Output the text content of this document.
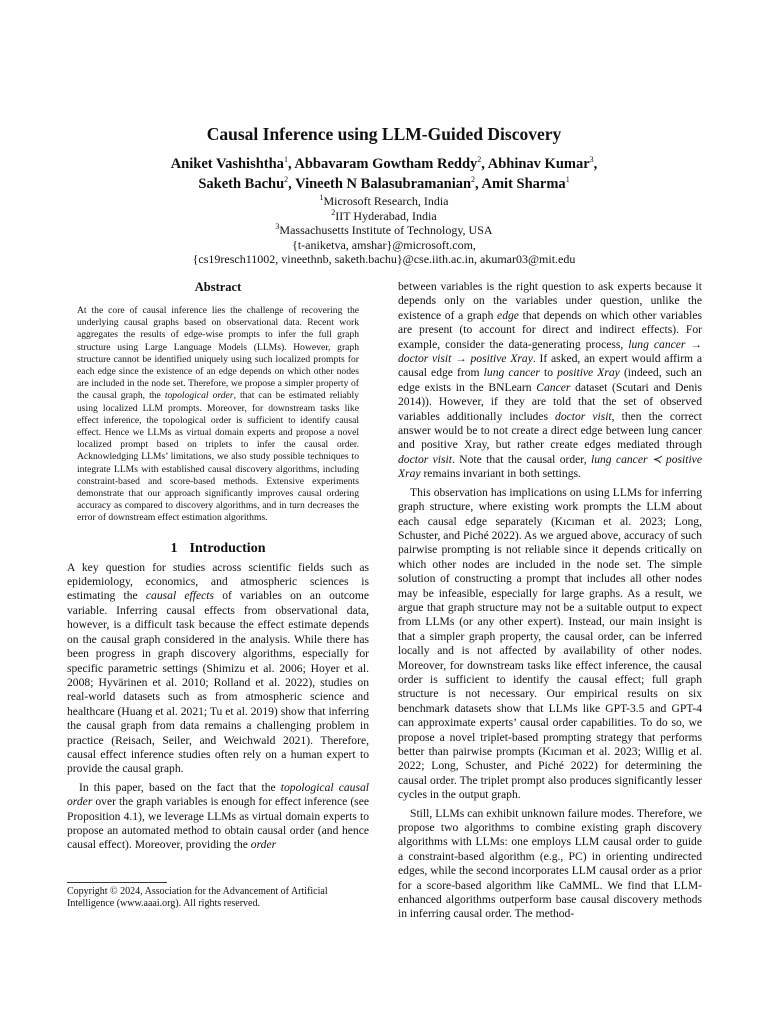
Causal Inference using LLM-Guided Discovery
Aniket Vashishtha$^1$, Abbavaram Gowtham Reddy$^2$, Abhinav Kumar$^3$,
Saketh Bachu$^2$, Vineeth N Balasubramanian$^2$, Amit Sharma$^1$
$^1$Microsoft Research, India
$^2$IIT Hyderabad, India
$^3$Massachusetts Institute of Technology, USA
{t-aniketva, amshar}@microsoft.com,
{cs19resch11002, vineethnb, saketh.bachu}@cse.iith.ac.in, akumar03@mit.edu
Abstract

At the core of causal inference lies the challenge of recovering the underlying causal graphs based on observational data. Recent work aggregates the results of edge-wise prompts to infer the full graph structure using Large Language Models (LLMs). However, graph structure cannot be identified uniquely using such localized prompts for each edge since the existence of an edge depends on which other nodes are included in the node set. Therefore, we propose a simpler property of the causal graph, the topological order, that can be estimated reliably using localized LLM prompts. Moreover, for downstream tasks like effect inference, the topological order is sufficient to identify causal effect. Hence we LLMs as virtual domain experts and propose a novel localized prompt based on triplets to infer the causal order. Acknowledging LLMs’ limitations, we also study possible techniques to integrate LLMs with established causal discovery algorithms, including constraint-based and score-based methods. Extensive experiments demonstrate that our approach significantly improves causal ordering accuracy as compared to discovery algorithms, and in turn decreases the error of downstream effect estimation algorithms.

1 Introduction

A key question for studies across scientific fields such as epidemiology, economics, and atmospheric sciences is estimating the causal effects of variables on an outcome variable. Inferring causal effects from observational data, however, is a difficult task because the effect estimate depends on the causal graph considered in the analysis. While there has been progress in graph discovery algorithms, especially for specific parametric settings (Shimizu et al. 2006; Hoyer et al. 2008; Hyvärinen et al. 2010; Rolland et al. 2022), studies on real-world datasets such as from atmospheric science and healthcare (Huang et al. 2021; Tu et al. 2019) show that inferring the causal graph from data remains a challenging problem in practice (Reisach, Seiler, and Weichwald 2021). Therefore, causal effect inference studies often rely on a human expert to provide the causal graph.

In this paper, based on the fact that the topological causal order over the graph variables is enough for effect inference (see Proposition 4.1), we leverage LLMs as virtual domain experts to propose an automated method to obtain causal order (and hence causal effect). Moreover, providing the order

Copyright © 2024, Association for the Advancement of Artificial Intelligence (www.aaai.org). All rights reserved.

between variables is the right question to ask experts because it depends only on the variables under question, unlike the existence of a graph edge that depends on which other variables are present (to account for direct and indirect effects). For example, consider the data-generating process, lung cancer → doctor visit → positive Xray. If asked, an expert would affirm a causal edge from lung cancer to positive Xray (indeed, such an edge exists in the BNLearn Cancer dataset (Scutari and Denis 2014)). However, if they are told that the set of observed variables additionally includes doctor visit, then the correct answer would be to not create a direct edge between lung cancer and positive Xray, but rather create edges mediated through doctor visit. Note that the causal order, lung cancer ≺ positive Xray remains invariant in both settings.

This observation has implications on using LLMs for inferring graph structure, where existing work prompts the LLM about each causal edge separately (Kıcıman et al. 2023; Long, Schuster, and Piché 2022). As we argued above, accuracy of such pairwise prompting is not reliable since it depends critically on which other nodes are included in the node set. The simple solution of constructing a prompt that includes all other nodes may be infeasible, especially for large graphs. As a result, we argue that graph structure may not be a suitable output to expect from LLMs (or any other expert). Instead, our main insight is that a simpler graph property, the causal order, can be inferred locally and is not affected by availability of other nodes. Moreover, for downstream tasks like effect inference, the causal order is sufficient to identify the causal effect; full graph structure is not necessary. Our empirical results on six benchmark datasets show that LLMs like GPT-3.5 and GPT-4 can approximate experts’ causal order capabilities. To do so, we propose a novel triplet-based prompting strategy that performs better than pairwise prompts (Kıcıman et al. 2023; Willig et al. 2022; Long, Schuster, and Piché 2022) for determining the causal order. The triplet prompt also produces significantly lesser cycles in the output graph.

Still, LLMs can exhibit unknown failure modes. Therefore, we propose two algorithms to combine existing graph discovery algorithms with LLMs: one employs LLM causal order to guide a constraint-based algorithm (e.g., PC) in orienting undirected edges, while the second incorporates LLM causal order as a prior for a score-based algorithm like CaMML. We find that LLM-enhanced algorithms outperform base causal discovery methods in inferring causal order. The method-
